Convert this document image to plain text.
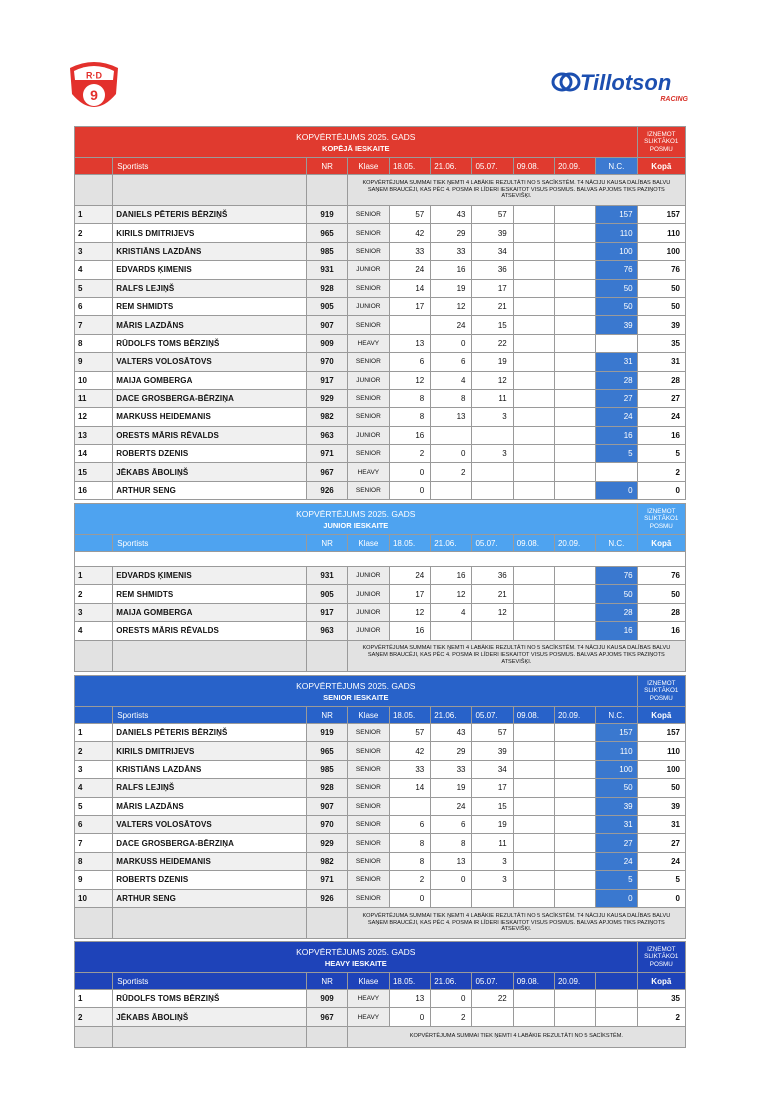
R·D
9	Tillotson
RACING
KOPVĒRTĒJUMS 2025. GADS
KOPĒJĀ IESKAITE										IZŅEMOT SLIKTĀKO1 POSMU
	Sportists	NR	Klase	18.05.	21.06.	05.07.	09.08.	20.09.	N.C.	Kopā
			KOPVĒRTĒJUMA SUMMAI TIEK ŅEMTI 4 LABĀKIE REZULTĀTI NO 5 SACĪKSTĒM. T4 NĀCIJU KAUSA DALĪBAS BALVU SAŅEM BRAUCĒJI, KAS PĒC 4. POSMA IR LĪDERI IESKAITOT VISUS POSMUS. BALVAS APJOMS TIKS PAZIŅOTS ATSEVIŠĶI.							
1	DANIELS PĒTERIS BĒRZIŅŠ	919	SENIOR	57	43	57			157	157
2	KIRILS DMITRIJEVS	965	SENIOR	42	29	39			110	110
3	KRISTIĀNS LAZDĀNS	985	SENIOR	33	33	34			100	100
4	EDVARDS ĶIMENIS	931	JUNIOR	24	16	36			76	76
5	RALFS LEJIŅŠ	928	SENIOR	14	19	17			50	50
6	REM SHMIDTS	905	JUNIOR	17	12	21			50	50
7	MĀRIS LAZDĀNS	907	SENIOR		24	15			39	39
8	RŪDOLFS TOMS BĒRZIŅŠ	909	HEAVY	13	0	22				35
9	VALTERS VOLOSĀTOVS	970	SENIOR	6	6	19			31	31
10	MAIJA GOMBERGA	917	JUNIOR	12	4	12			28	28
11	DACE GROSBERGA-BĒRZIŅA	929	SENIOR	8	8	11			27	27
12	MARKUSS HEIDEMANIS	982	SENIOR	8	13	3			24	24
13	ORESTS MĀRIS RĒVALDS	963	JUNIOR	16					16	16
14	ROBERTS DZENIS	971	SENIOR	2	0	3			5	5
15	JĒKABS ĀBOLIŅŠ	967	HEAVY	0	2					2
16	ARTHUR SENG	926	SENIOR	0					0	0
KOPVĒRTĒJUMS 2025. GADS
JUNIOR IESKAITE										IZŅEMOT SLIKTĀKO1 POSMU
	Sportists	NR	Klase	18.05.	21.06.	05.07.	09.08.	20.09.	N.C.	Kopā

1	EDVARDS ĶIMENIS	931	JUNIOR	24	16	36			76	76
2	REM SHMIDTS	905	JUNIOR	17	12	21			50	50
3	MAIJA GOMBERGA	917	JUNIOR	12	4	12			28	28
4	ORESTS MĀRIS RĒVALDS	963	JUNIOR	16					16	16
			KOPVĒRTĒJUMA SUMMAI TIEK ŅEMTI 4 LABĀKIE REZULTĀTI NO 5 SACĪKSTĒM. T4 NĀCIJU KAUSA DALĪBAS BALVU SAŅEM BRAUCĒJI, KAS PĒC 4. POSMA IR LĪDERI IESKAITOT VISUS POSMUS. BALVAS APJOMS TIKS PAZIŅOTS ATSEVIŠĶI.							
KOPVĒRTĒJUMS 2025. GADS
SENIOR IESKAITE										IZŅEMOT SLIKTĀKO1 POSMU
	Sportists	NR	Klase	18.05.	21.06.	05.07.	09.08.	20.09.	N.C.	Kopā
1	DANIELS PĒTERIS BĒRZIŅŠ	919	SENIOR	57	43	57			157	157
2	KIRILS DMITRIJEVS	965	SENIOR	42	29	39			110	110
3	KRISTIĀNS LAZDĀNS	985	SENIOR	33	33	34			100	100
4	RALFS LEJIŅŠ	928	SENIOR	14	19	17			50	50
5	MĀRIS LAZDĀNS	907	SENIOR		24	15			39	39
6	VALTERS VOLOSĀTOVS	970	SENIOR	6	6	19			31	31
7	DACE GROSBERGA-BĒRZIŅA	929	SENIOR	8	8	11			27	27
8	MARKUSS HEIDEMANIS	982	SENIOR	8	13	3			24	24
9	ROBERTS DZENIS	971	SENIOR	2	0	3			5	5
10	ARTHUR SENG	926	SENIOR	0					0	0
			KOPVĒRTĒJUMA SUMMAI TIEK ŅEMTI 4 LABĀKIE REZULTĀTI NO 5 SACĪKSTĒM. T4 NĀCIJU KAUSA DALĪBAS BALVU SAŅEM BRAUCĒJI, KAS PĒC 4. POSMA IR LĪDERI IESKAITOT VISUS POSMUS. BALVAS APJOMS TIKS PAZIŅOTS ATSEVIŠĶI.							
KOPVĒRTĒJUMS 2025. GADS
HEAVY IESKAITE										IZŅEMOT SLIKTĀKO1 POSMU
	Sportists	NR	Klase	18.05.	21.06.	05.07.	09.08.	20.09.		Kopā
1	RŪDOLFS TOMS BĒRZIŅŠ	909	HEAVY	13	0	22				35
2	JĒKABS ĀBOLIŅŠ	967	HEAVY	0	2					2
			KOPVĒRTĒJUMA SUMMAI TIEK ŅEMTI 4 LABĀKIE REZULTĀTI NO 5 SACĪKSTĒM.							
